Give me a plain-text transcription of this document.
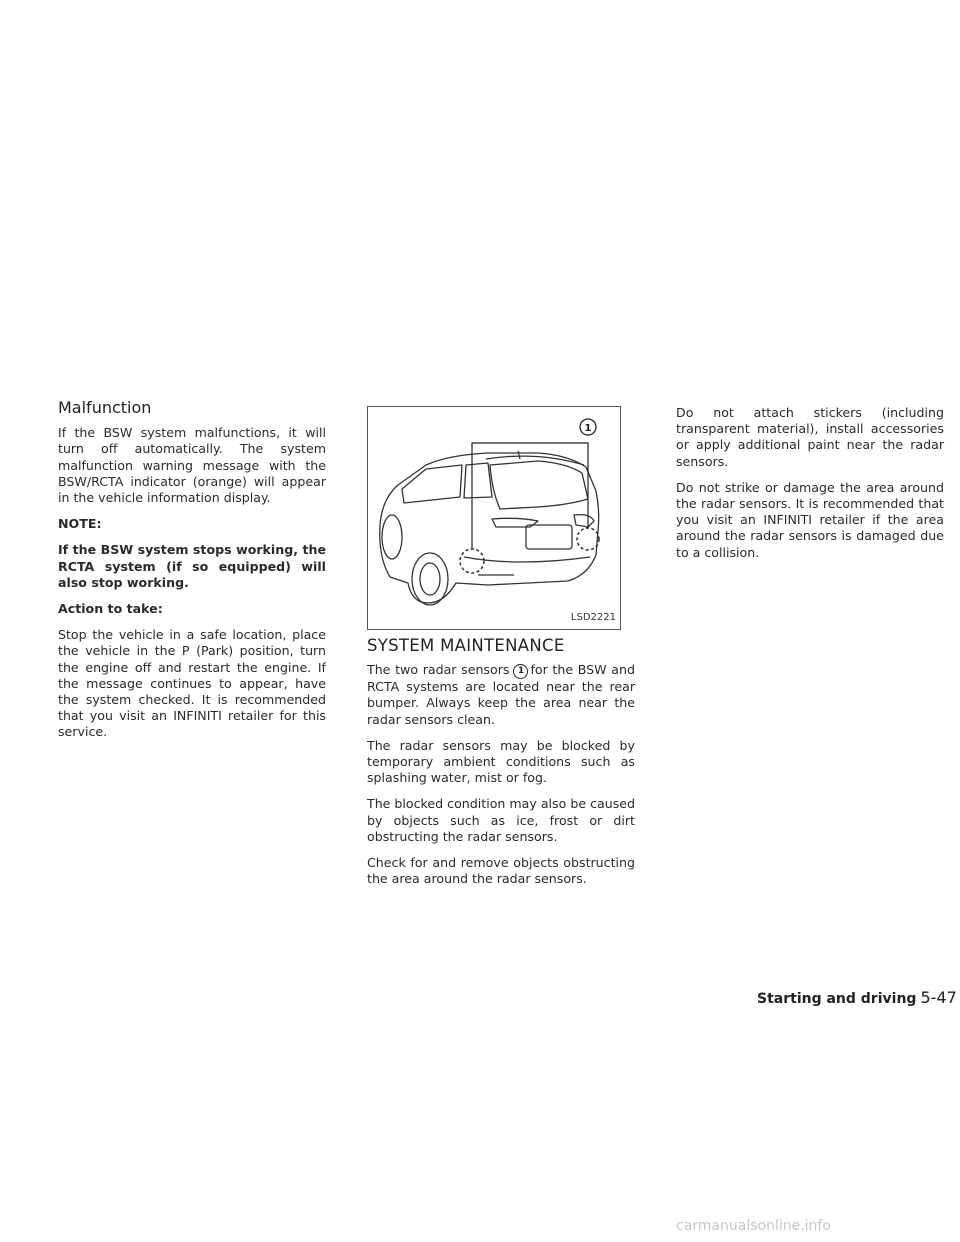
Malfunction

If the BSW system malfunctions, it will turn off automatically. The system malfunction warning message with the BSW/RCTA indicator (orange) will appear in the vehicle information display.

NOTE:

If the BSW system stops working, the RCTA system (if so equipped) will also stop working.

Action to take:

Stop the vehicle in a safe location, place the vehicle in the P (Park) position, turn the engine off and restart the engine. If the message continues to appear, have the system checked. It is recommended that you visit an INFINITI retailer for this service.

1
LSD2221
SYSTEM MAINTENANCE

The two radar sensors 1 for the BSW and RCTA systems are located near the rear bumper. Always keep the area near the radar sensors clean.

The radar sensors may be blocked by temporary ambient conditions such as splashing water, mist or fog.

The blocked condition may also be caused by objects such as ice, frost or dirt obstructing the radar sensors.

Check for and remove objects obstructing the area around the radar sensors.

Do not attach stickers (including transparent material), install accessories or apply additional paint near the radar sensors.

Do not strike or damage the area around the radar sensors. It is recommended that you visit an INFINITI retailer if the area around the radar sensors is damaged due to a collision.

Starting and driving 5-47
carmanualsonline.info
